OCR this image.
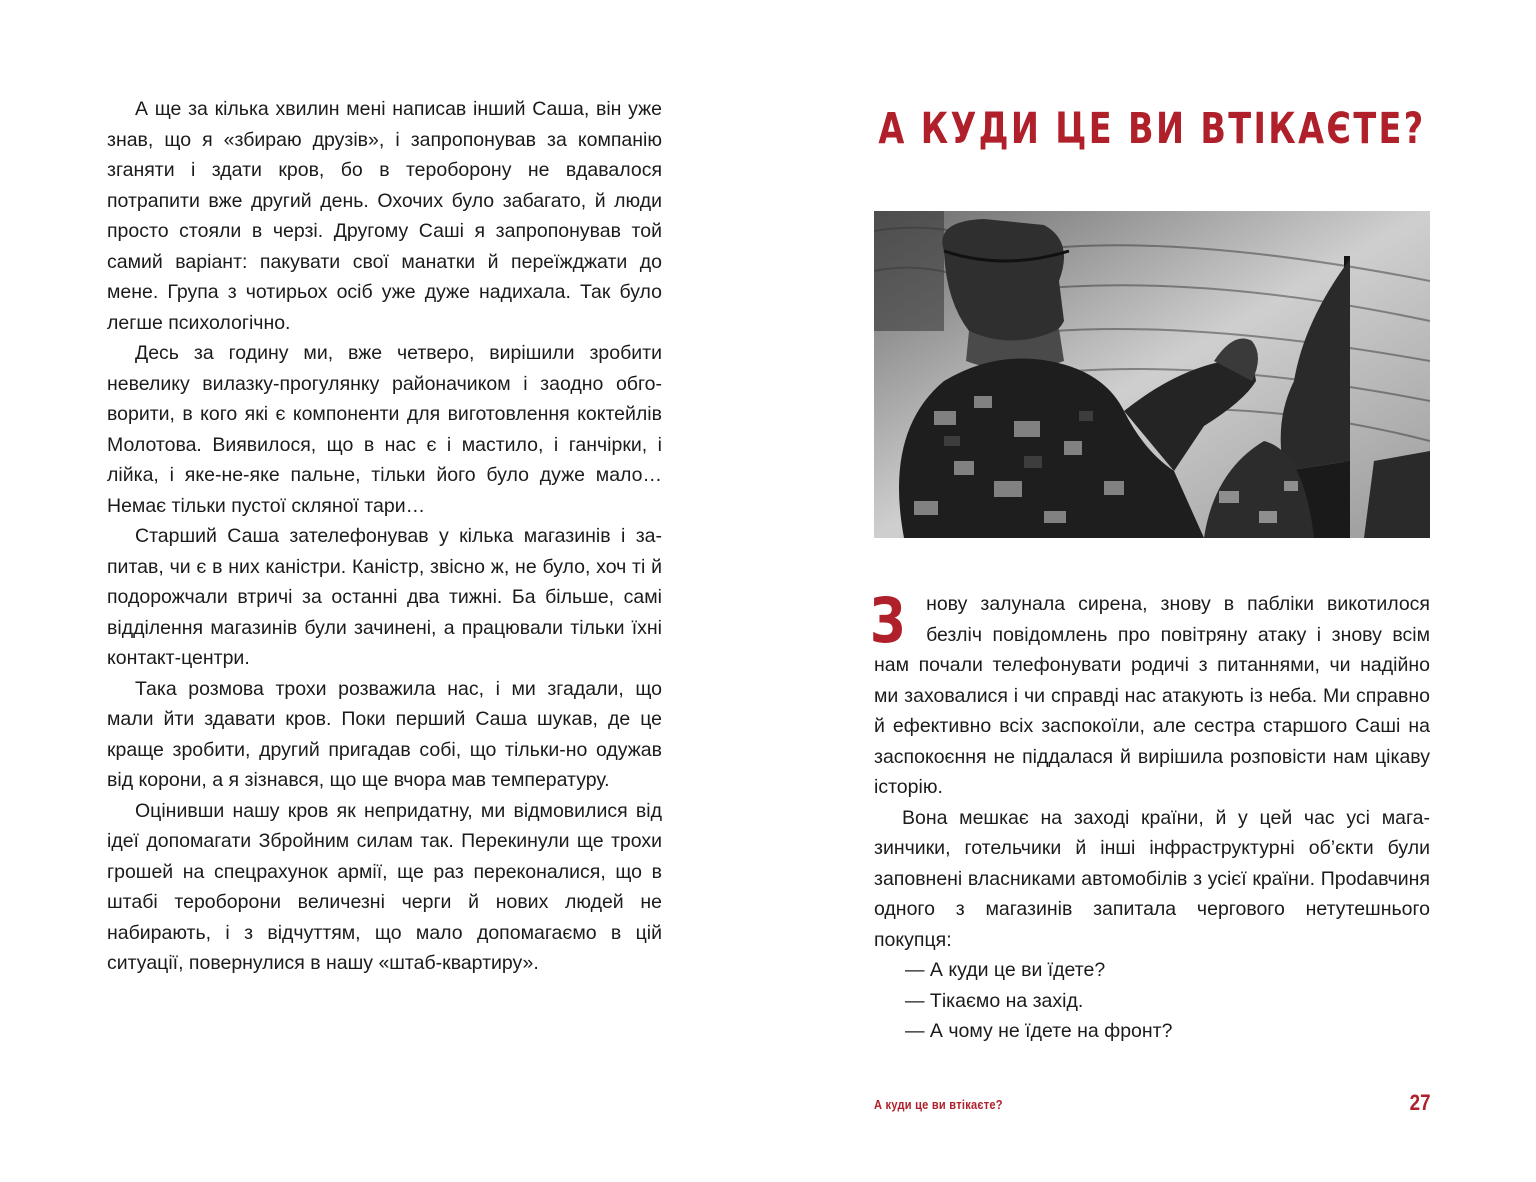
А ще за кілька хвилин мені написав інший Саша, він уже знав, що я «збираю друзів», і запропонував за компанію зганяти і здати кров, бо в тероборону не вдавалося потрапити вже другий день. Охочих було забагато, й люди просто стояли в черзі. Другому Саші я запропонував той самий варіант: пакувати свої манатки й переїжджати до мене. Група з чотирьох осіб уже дуже надихала. Так було легше психологічно.

Десь за годину ми, вже четверо, вирішили зробити невелику вилазку-прогулянку районачиком і заодно обговорити, в кого які є компоненти для виготовлення коктейлів Молотова. Виявилося, що в нас є і мастило, і ганчірки, і лійка, і яке-не-яке пальне, тільки його було дуже мало… Немає тільки пустої скляної тари…

Старший Саша зателефонував у кілька магазинів і запитав, чи є в них каністри. Каністр, звісно ж, не було, хоч ті й подорожчали втричі за останні два тижні. Ба більше, самі відділення магазинів були зачинені, а працювали тільки їхні контакт-центри.

Така розмова трохи розважила нас, і ми згадали, що мали йти здавати кров. Поки перший Саша шукав, де це краще зробити, другий пригадав собі, що тільки-но одужав від корони, а я зізнався, що ще вчора мав температуру.

Оцінивши нашу кров як непридатну, ми відмовилися від ідеї допомагати Збройним силам так. Перекинули ще трохи грошей на спецрахунок армії, ще раз переконалися, що в штабі тероборони величезні черги й нових людей не набирають, і з відчуттям, що мало допомагаємо в цій ситуації, повернулися в нашу «штаб-квартиру».

А КУДИ ЦЕ ВИ ВТІКАЄТЕ?

З нову залунала сирена, знову в пабліки викотилося безліч повідомлень про повітряну атаку і знову всім нам почали телефонувати родичі з питаннями, чи надійно ми заховалися і чи справді нас атакують із неба. Ми справно й ефективно всіх заспокоїли, але сестра старшого Саші на заспокоєння не піддалася й вирішила розповісти нам цікаву історію.

Вона мешкає на заході країни, й у цей час усі магазинчики, готельчики й інші інфраструктурні об’єкти були заповнені власниками автомобілів з усієї країни. Проdавчиня одного з магазинів запитала чергового нетутешнього покупця:

— А куди це ви їдете?

— Тікаємо на захід.

— А чому не їдете на фронт?

А куди це ви втікаєте?	27
